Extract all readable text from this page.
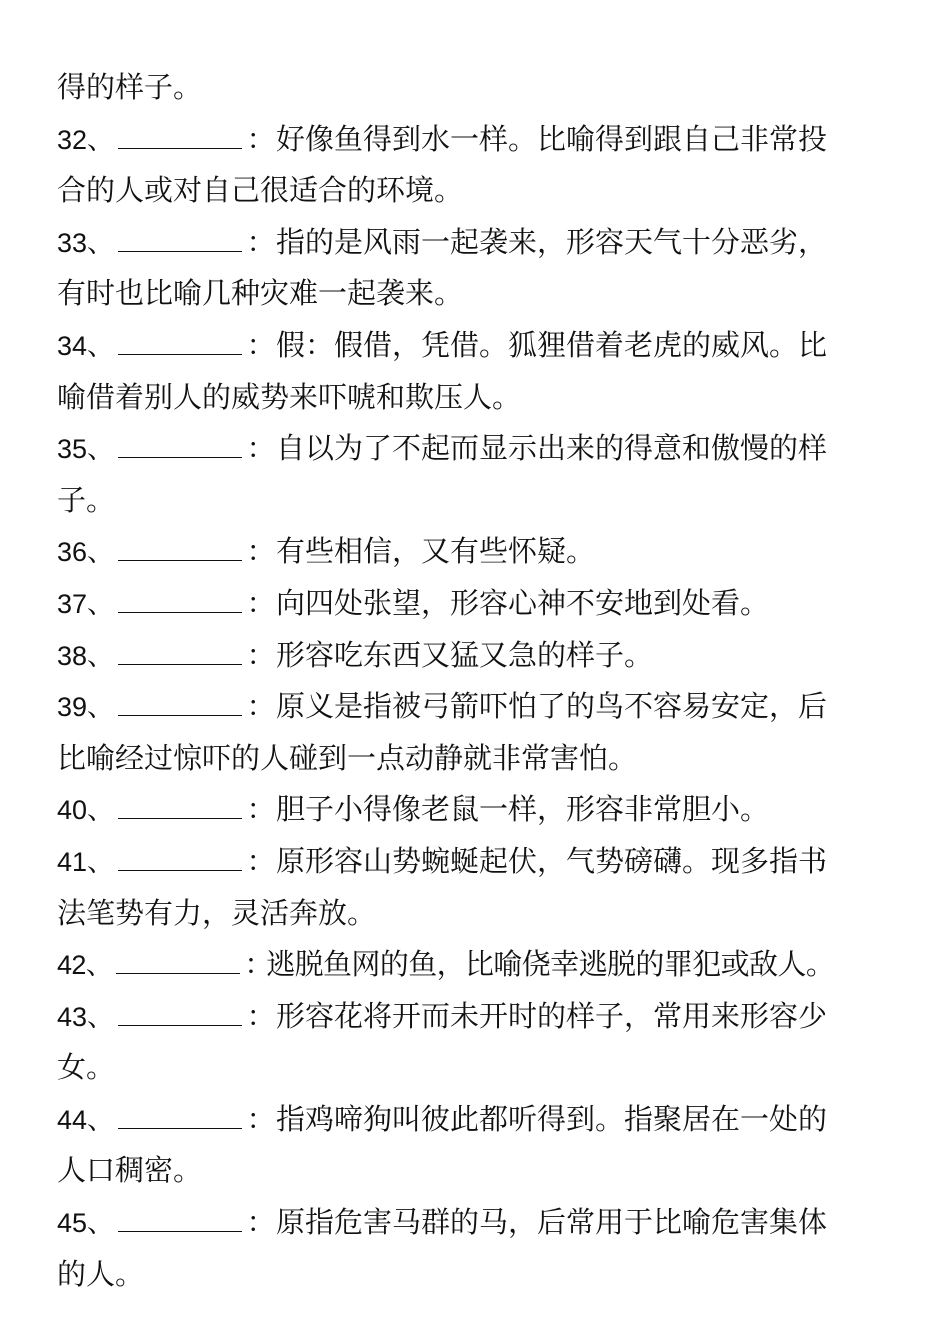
得的样子。
32、	：好像鱼得到水一样。比喻得到跟自己非常投
合的人或对自己很适合的环境。
33、	：指的是风雨一起袭来，形容天气十分恶劣，
有时也比喻几种灾难一起袭来。
34、	：假：假借，凭借。狐狸借着老虎的威风。比
喻借着别人的威势来吓唬和欺压人。
35、	：自以为了不起而显示出来的得意和傲慢的样
子。
36、	：有些相信，又有些怀疑。
37、	：向四处张望，形容心神不安地到处看。
38、	：形容吃东西又猛又急的样子。
39、	：原义是指被弓箭吓怕了的鸟不容易安定，后
比喻经过惊吓的人碰到一点动静就非常害怕。
40、	：胆子小得像老鼠一样，形容非常胆小。
41、	：原形容山势蜿蜒起伏，气势磅礴。现多指书
法笔势有力，灵活奔放。
42、	：逃脱鱼网的鱼，比喻侥幸逃脱的罪犯或敌人。
43、	：形容花将开而未开时的样子，常用来形容少
女。
44、	：指鸡啼狗叫彼此都听得到。指聚居在一处的
人口稠密。
45、	：原指危害马群的马，后常用于比喻危害集体
的人。
